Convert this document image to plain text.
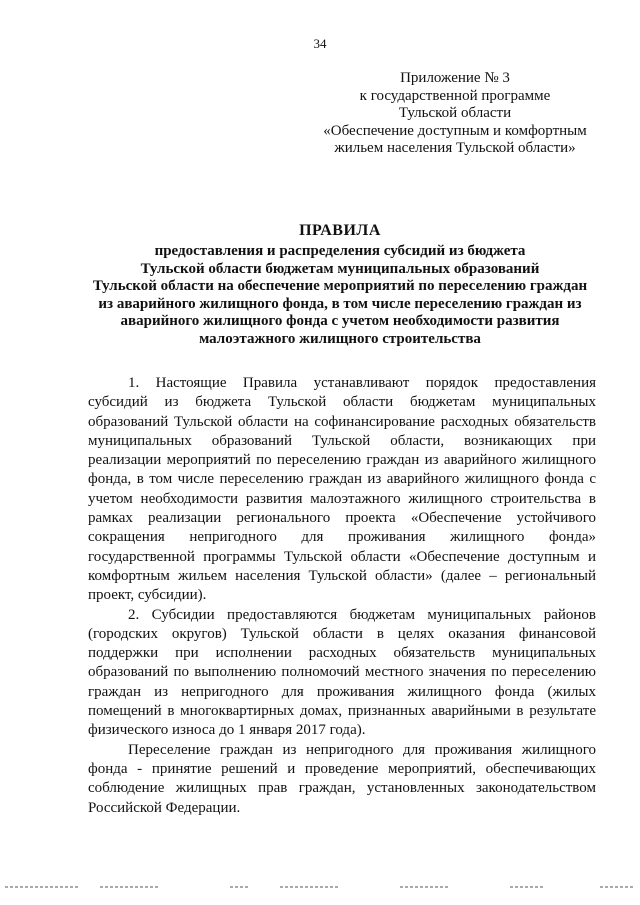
34
Приложение № 3
к государственной программе
Тульской области
«Обеспечение доступным и комфортным
жильем населения Тульской области»
ПРАВИЛА
предоставления и распределения субсидий из бюджета
Тульской области бюджетам муниципальных образований
Тульской области на обеспечение мероприятий по переселению граждан
из аварийного жилищного фонда, в том числе переселению граждан из
аварийного жилищного фонда с учетом необходимости развития
малоэтажного жилищного строительства
1. Настоящие Правила устанавливают порядок предоставления
субсидий из бюджета Тульской области бюджетам муниципальных
образований Тульской области на софинансирование расходных обязательств
муниципальных образований Тульской области, возникающих при
реализации мероприятий по переселению граждан из аварийного жилищного
фонда, в том числе переселению граждан из аварийного жилищного фонда с
учетом необходимости развития малоэтажного жилищного строительства в
рамках реализации регионального проекта «Обеспечение устойчивого
сокращения непригодного для проживания жилищного фонда»
государственной программы Тульской области «Обеспечение доступным и
комфортным жильем населения Тульской области» (далее – региональный
проект, субсидии).
2. Субсидии предоставляются бюджетам муниципальных районов
(городских округов) Тульской области в целях оказания финансовой
поддержки при исполнении расходных обязательств муниципальных
образований по выполнению полномочий местного значения по переселению
граждан из непригодного для проживания жилищного фонда (жилых
помещений в многоквартирных домах, признанных аварийными в результате
физического износа до 1 января 2017 года).
Переселение граждан из непригодного для проживания жилищного
фонда - принятие решений и проведение мероприятий, обеспечивающих
соблюдение жилищных прав граждан, установленных законодательством
Российской Федерации.
